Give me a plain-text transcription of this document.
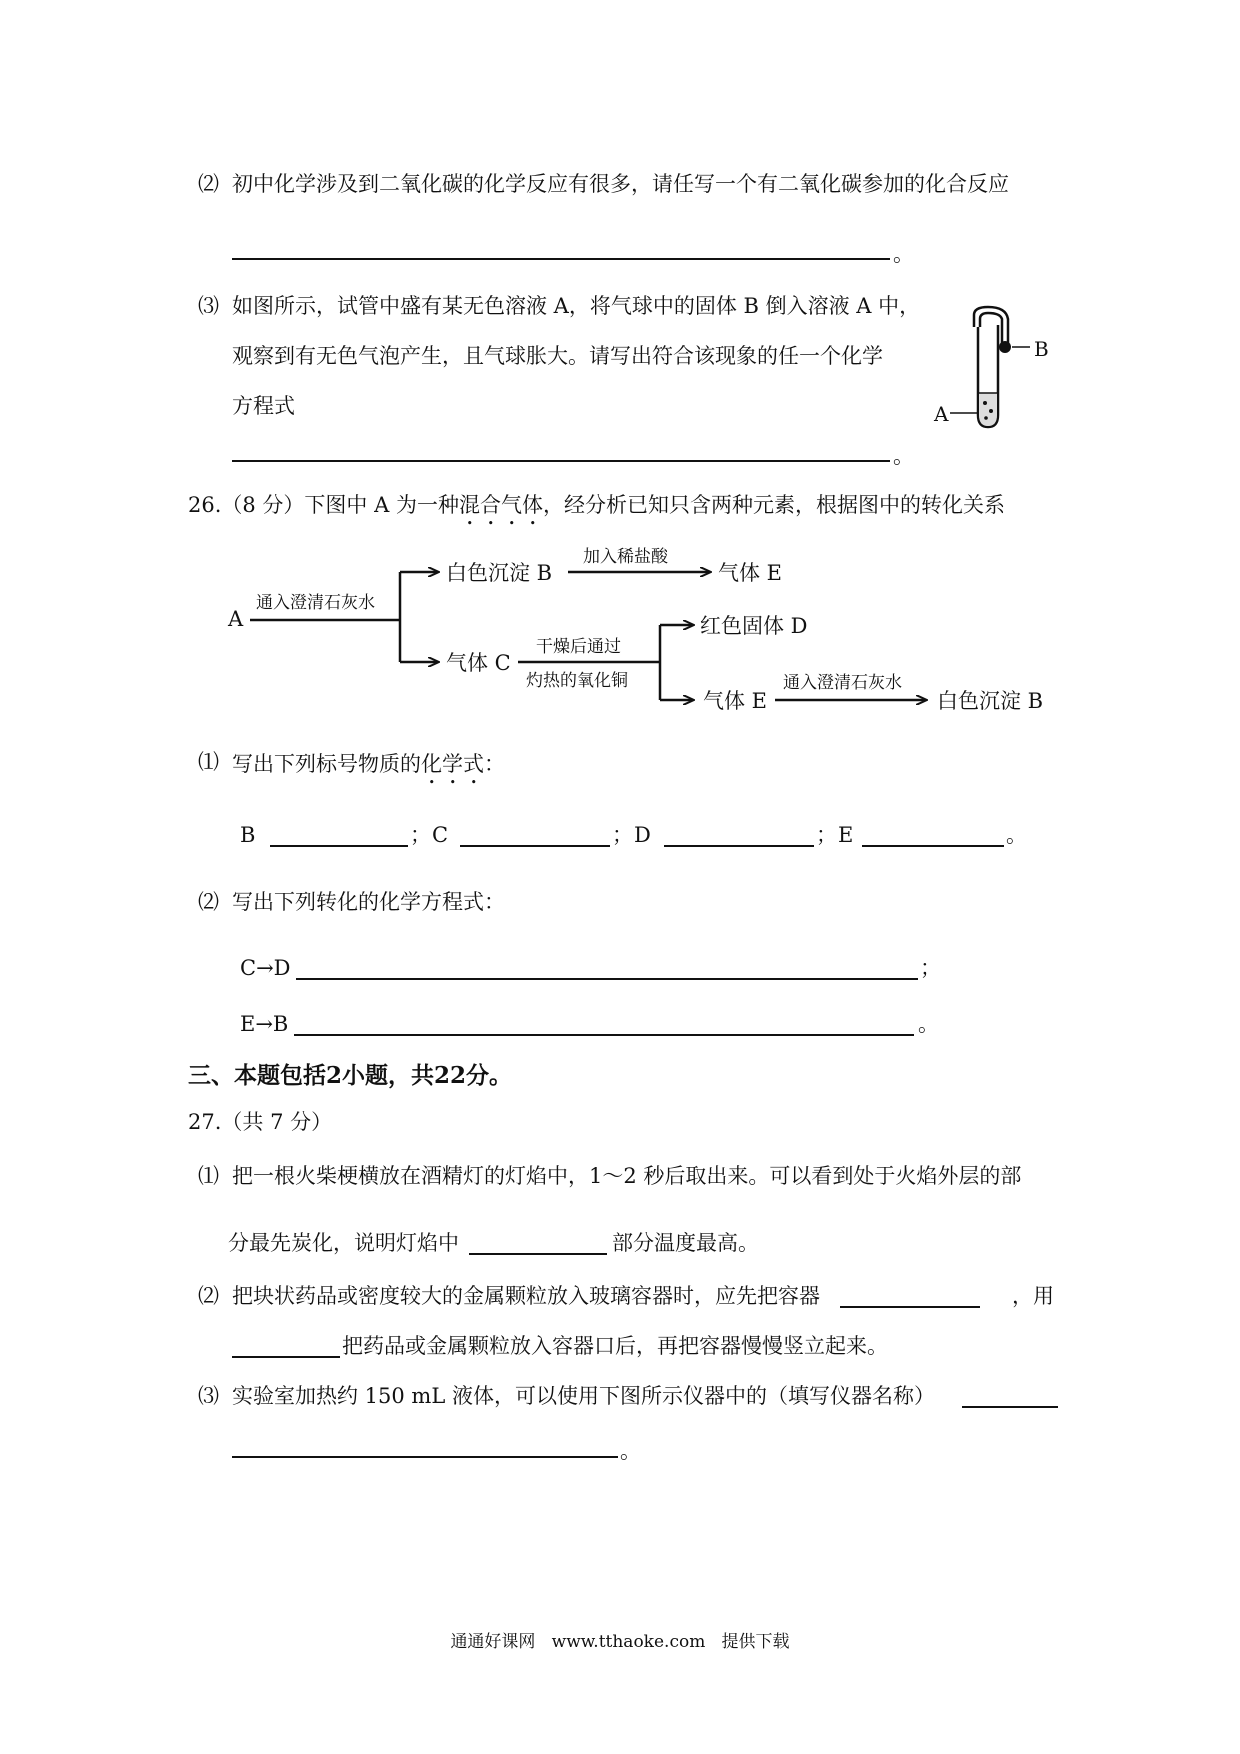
⑵ 初中化学涉及到二氧化碳的化学反应有很多，请任写一个有二氧化碳参加的化合反应
。
⑶ 如图所示，试管中盛有某无色溶液 A，将气球中的固体 B 倒入溶液 A 中，
观察到有无色气泡产生，且气球胀大。请写出符合该现象的任一个化学
方程式
。
B
A
26.（8 分）下图中 A 为一种混合气体，经分析已知只含两种元素，根据图中的转化关系
A
通入澄清石灰水
白色沉淀 B
加入稀盐酸
气体 E
气体 C
干燥后通过
灼热的氧化铜
红色固体 D
气体 E
通入澄清石灰水
白色沉淀 B
⑴ 写出下列标号物质的化学式：
B	； C	； D	； E	。
⑵ 写出下列转化的化学方程式：
C→D	；
E→B	。
三、本题包括2小题，共22分。
27.（共 7 分）
⑴ 把一根火柴梗横放在酒精灯的灯焰中，1～2 秒后取出来。可以看到处于火焰外层的部
分最先炭化，说明灯焰中	部分温度最高。
⑵ 把块状药品或密度较大的金属颗粒放入玻璃容器时，应先把容器	，用
把药品或金属颗粒放入容器口后，再把容器慢慢竖立起来。
⑶ 实验室加热约 150 mL 液体，可以使用下图所示仪器中的（填写仪器名称）
。
通通好课网 www.tthaoke.com 提供下载
